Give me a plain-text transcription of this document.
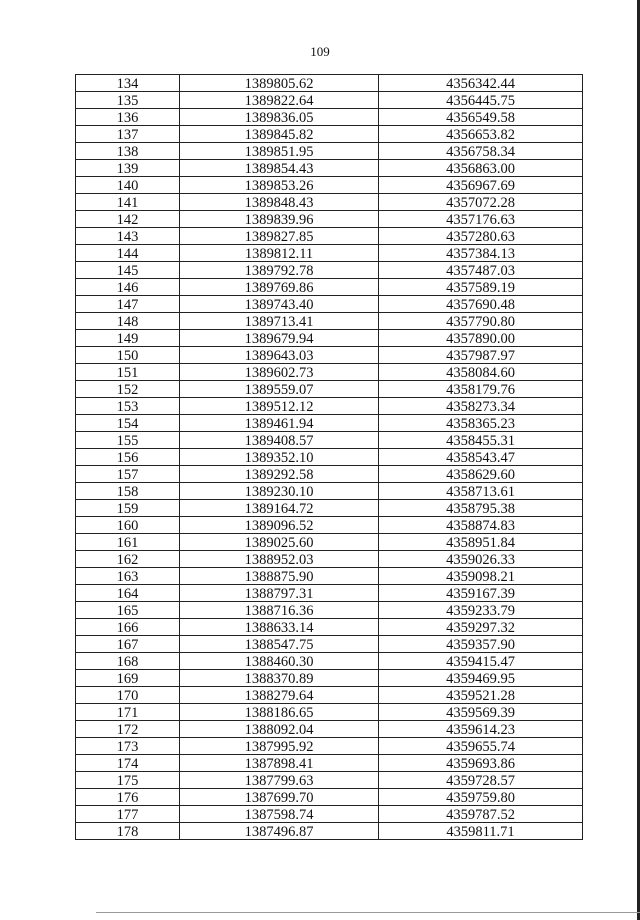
109
134	1389805.62	4356342.44
135	1389822.64	4356445.75
136	1389836.05	4356549.58
137	1389845.82	4356653.82
138	1389851.95	4356758.34
139	1389854.43	4356863.00
140	1389853.26	4356967.69
141	1389848.43	4357072.28
142	1389839.96	4357176.63
143	1389827.85	4357280.63
144	1389812.11	4357384.13
145	1389792.78	4357487.03
146	1389769.86	4357589.19
147	1389743.40	4357690.48
148	1389713.41	4357790.80
149	1389679.94	4357890.00
150	1389643.03	4357987.97
151	1389602.73	4358084.60
152	1389559.07	4358179.76
153	1389512.12	4358273.34
154	1389461.94	4358365.23
155	1389408.57	4358455.31
156	1389352.10	4358543.47
157	1389292.58	4358629.60
158	1389230.10	4358713.61
159	1389164.72	4358795.38
160	1389096.52	4358874.83
161	1389025.60	4358951.84
162	1388952.03	4359026.33
163	1388875.90	4359098.21
164	1388797.31	4359167.39
165	1388716.36	4359233.79
166	1388633.14	4359297.32
167	1388547.75	4359357.90
168	1388460.30	4359415.47
169	1388370.89	4359469.95
170	1388279.64	4359521.28
171	1388186.65	4359569.39
172	1388092.04	4359614.23
173	1387995.92	4359655.74
174	1387898.41	4359693.86
175	1387799.63	4359728.57
176	1387699.70	4359759.80
177	1387598.74	4359787.52
178	1387496.87	4359811.71
